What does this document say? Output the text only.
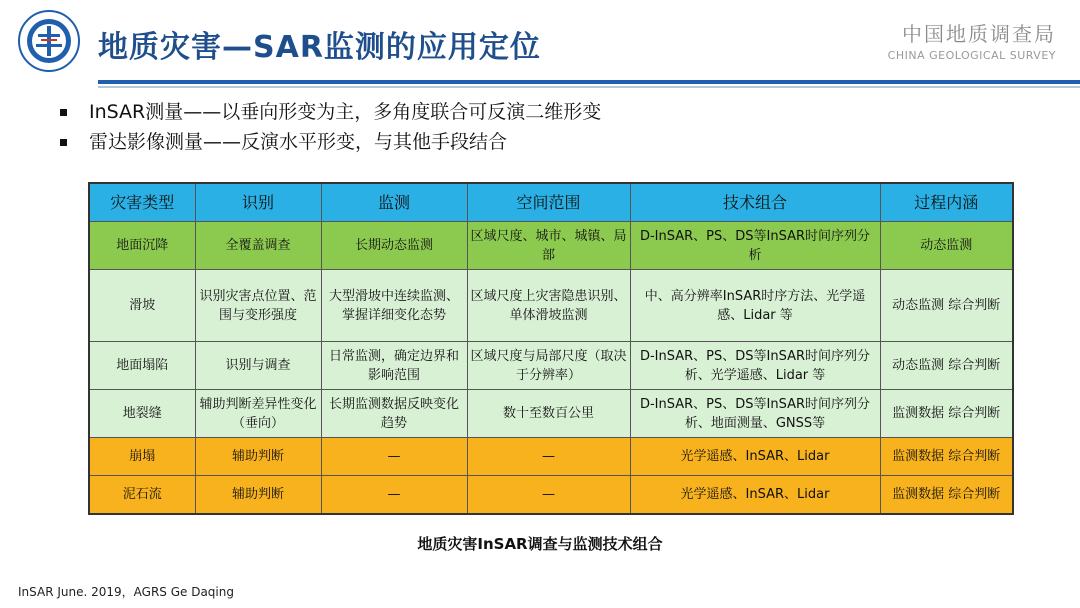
地质灾害—SAR监测的应用定位	中国地质调查局
CHINA GEOLOGICAL SURVEY
InSAR测量——以垂向形变为主，多角度联合可反演二维形变
雷达影像测量——反演水平形变，与其他手段结合
灾害类型	识别	监测	空间范围	技术组合	过程内涵
地面沉降	全覆盖调查	长期动态监测	区域尺度、城市、城镇、局部	D-InSAR、PS、DS等InSAR时间序列分析	动态监测
滑坡	识别灾害点位置、范围与变形强度	大型滑坡中连续监测、掌握详细变化态势	区域尺度上灾害隐患识别、单体滑坡监测	中、高分辨率InSAR时序方法、光学遥感、Lidar 等	动态监测 综合判断
地面塌陷	识别与调查	日常监测，确定边界和影响范围	区域尺度与局部尺度（取决于分辨率）	D-InSAR、PS、DS等InSAR时间序列分析、光学遥感、Lidar 等	动态监测 综合判断
地裂缝	辅助判断差异性变化（垂向）	长期监测数据反映变化趋势	数十至数百公里	D-InSAR、PS、DS等InSAR时间序列分析、地面测量、GNSS等	监测数据 综合判断
崩塌	辅助判断	—	—	光学遥感、InSAR、Lidar	监测数据 综合判断
泥石流	辅助判断	—	—	光学遥感、InSAR、Lidar	监测数据 综合判断
地质灾害InSAR调查与监测技术组合
InSAR June. 2019，AGRS Ge Daqing
